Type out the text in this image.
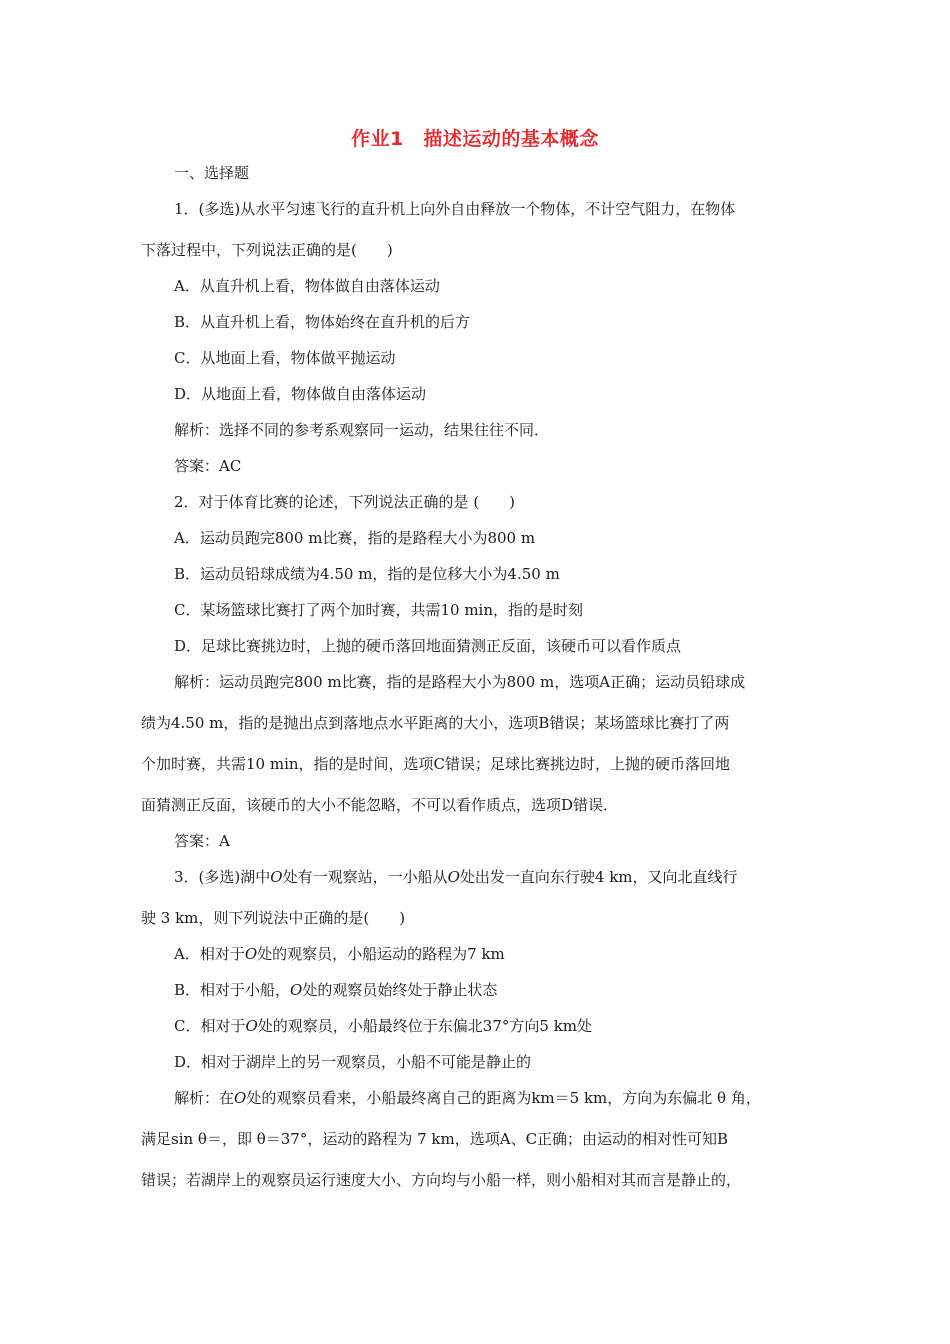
作业1　描述运动的基本概念
一、选择题
1．(多选)从水平匀速飞行的直升机上向外自由释放一个物体，不计空气阻力，在物体
下落过程中，下列说法正确的是(　　)
A．从直升机上看，物体做自由落体运动
B．从直升机上看，物体始终在直升机的后方
C．从地面上看，物体做平抛运动
D．从地面上看，物体做自由落体运动
解析：选择不同的参考系观察同一运动，结果往往不同．
答案：AC
2．对于体育比赛的论述，下列说法正确的是 (　　)
A．运动员跑完800 m比赛，指的是路程大小为800 m
B．运动员铅球成绩为4.50 m，指的是位移大小为4.50 m
C．某场篮球比赛打了两个加时赛，共需10 min，指的是时刻
D．足球比赛挑边时，上抛的硬币落回地面猜测正反面，该硬币可以看作质点
解析：运动员跑完800 m比赛，指的是路程大小为800 m，选项A正确；运动员铅球成
绩为4.50 m，指的是抛出点到落地点水平距离的大小，选项B错误；某场篮球比赛打了两
个加时赛，共需10 min，指的是时间，选项C错误；足球比赛挑边时，上抛的硬币落回地
面猜测正反面，该硬币的大小不能忽略，不可以看作质点，选项D错误．
答案：A
3．(多选)湖中O处有一观察站，一小船从O处出发一直向东行驶4 km，又向北直线行
驶 3 km，则下列说法中正确的是(　　)
A．相对于O处的观察员，小船运动的路程为7 km
B．相对于小船，O处的观察员始终处于静止状态
C．相对于O处的观察员，小船最终位于东偏北37°方向5 km处
D．相对于湖岸上的另一观察员，小船不可能是静止的
解析：在O处的观察员看来，小船最终离自己的距离为km＝5 km，方向为东偏北 θ 角，
满足sin θ＝，即 θ＝37°，运动的路程为 7 km，选项A、C正确；由运动的相对性可知B
错误；若湖岸上的观察员运行速度大小、方向均与小船一样，则小船相对其而言是静止的，
